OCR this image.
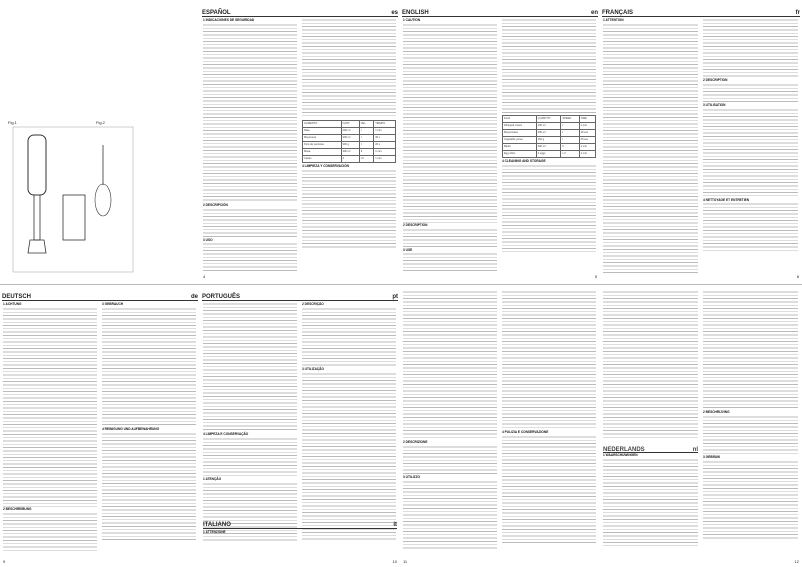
Fig.1	Fig.2
ESPAÑOL	es
1 INDICACIONES DE SEGURIDAD
2 DESCRIPCIÓN
3 USO
ALIMENTO	CANT.	VEL.	TIEMPO
Nata	200 ml	I	1 min
Mayonesa	300 ml	I	30 s
Puré de verduras	300 g	I	20 s
Masa	300 ml	II	1 min
Claras	4	I-II	1 min
4 LIMPIEZA Y CONSERVACIÓN
4
ENGLISH	en
1 CAUTION
2 DESCRIPTION
3 USE
Food	QUANTITY	SPEED	TIME
Whipped cream	200 ml	I	1 min
Mayonnaise	300 ml	I	30 sec
Vegetable puree	300 g	I	20 sec
Batter	300 ml	II	1 min
Egg white	4 eggs	I-II	1 min
4 CLEANING AND STORAGE
5
FRANÇAIS	fr
1 ATTENTION
2 DESCRIPTION
3 UTILISATION
4 NETTOYAGE ET ENTRETIEN
8
DEUTSCH	de
1 ACHTUNG
2 BESCHREIBUNG
3 GEBRAUCH
4 REINIGUNG UND AUFBEWAHRUNG
9
PORTUGUÊS	pt
4 LIMPEZA E CONSERVAÇÃO
1 ATENÇÃO
2 DESCRIÇÃO
3 UTILIZAÇÃO
ITALIANO	it
1 ATTENZIONE
10
2 DESCRIZIONE
3 UTILIZZO
4 PULIZIA E CONSERVAZIONE
11
NEDERLANDS	nl
1 WAARSCHUWINGEN
2 BESCHRIJVING
3 GEBRUIK
12
